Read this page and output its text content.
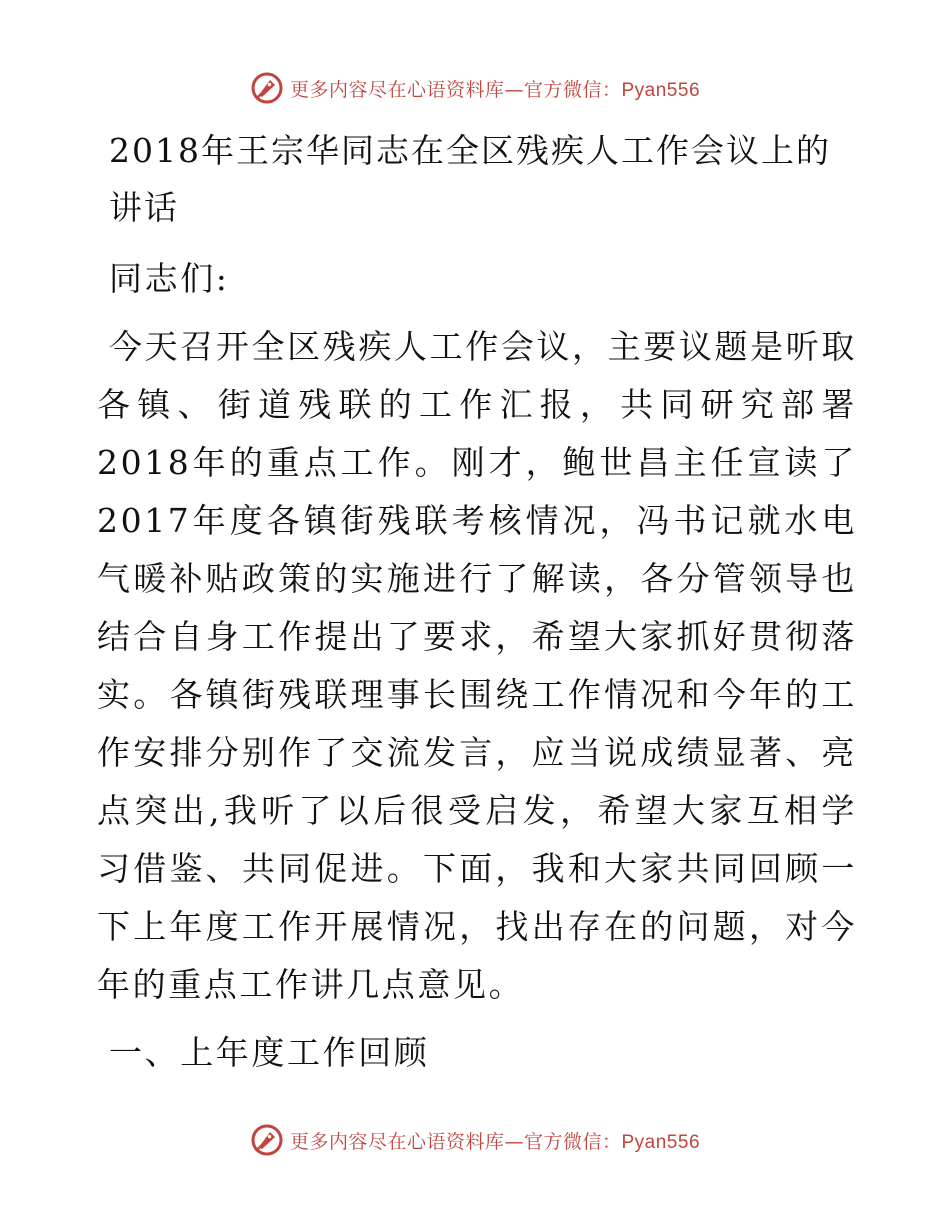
更多内容尽在心语资料库—官方微信：Pyan556
2018年王宗华同志在全区残疾人工作会议上的讲话

同志们:

今天召开全区残疾人工作会议，主要议题是听取各镇、街道残联的工作汇报，共同研究部署2018年的重点工作。刚才，鲍世昌主任宣读了2017年度各镇街残联考核情况，冯书记就水电气暖补贴政策的实施进行了解读，各分管领导也结合自身工作提出了要求，希望大家抓好贯彻落实。各镇街残联理事长围绕工作情况和今年的工作安排分别作了交流发言，应当说成绩显著、亮点突出,我听了以后很受启发，希望大家互相学习借鉴、共同促进。下面，我和大家共同回顾一下上年度工作开展情况，找出存在的问题，对今年的重点工作讲几点意见。

一、上年度工作回顾

更多内容尽在心语资料库—官方微信：Pyan556
